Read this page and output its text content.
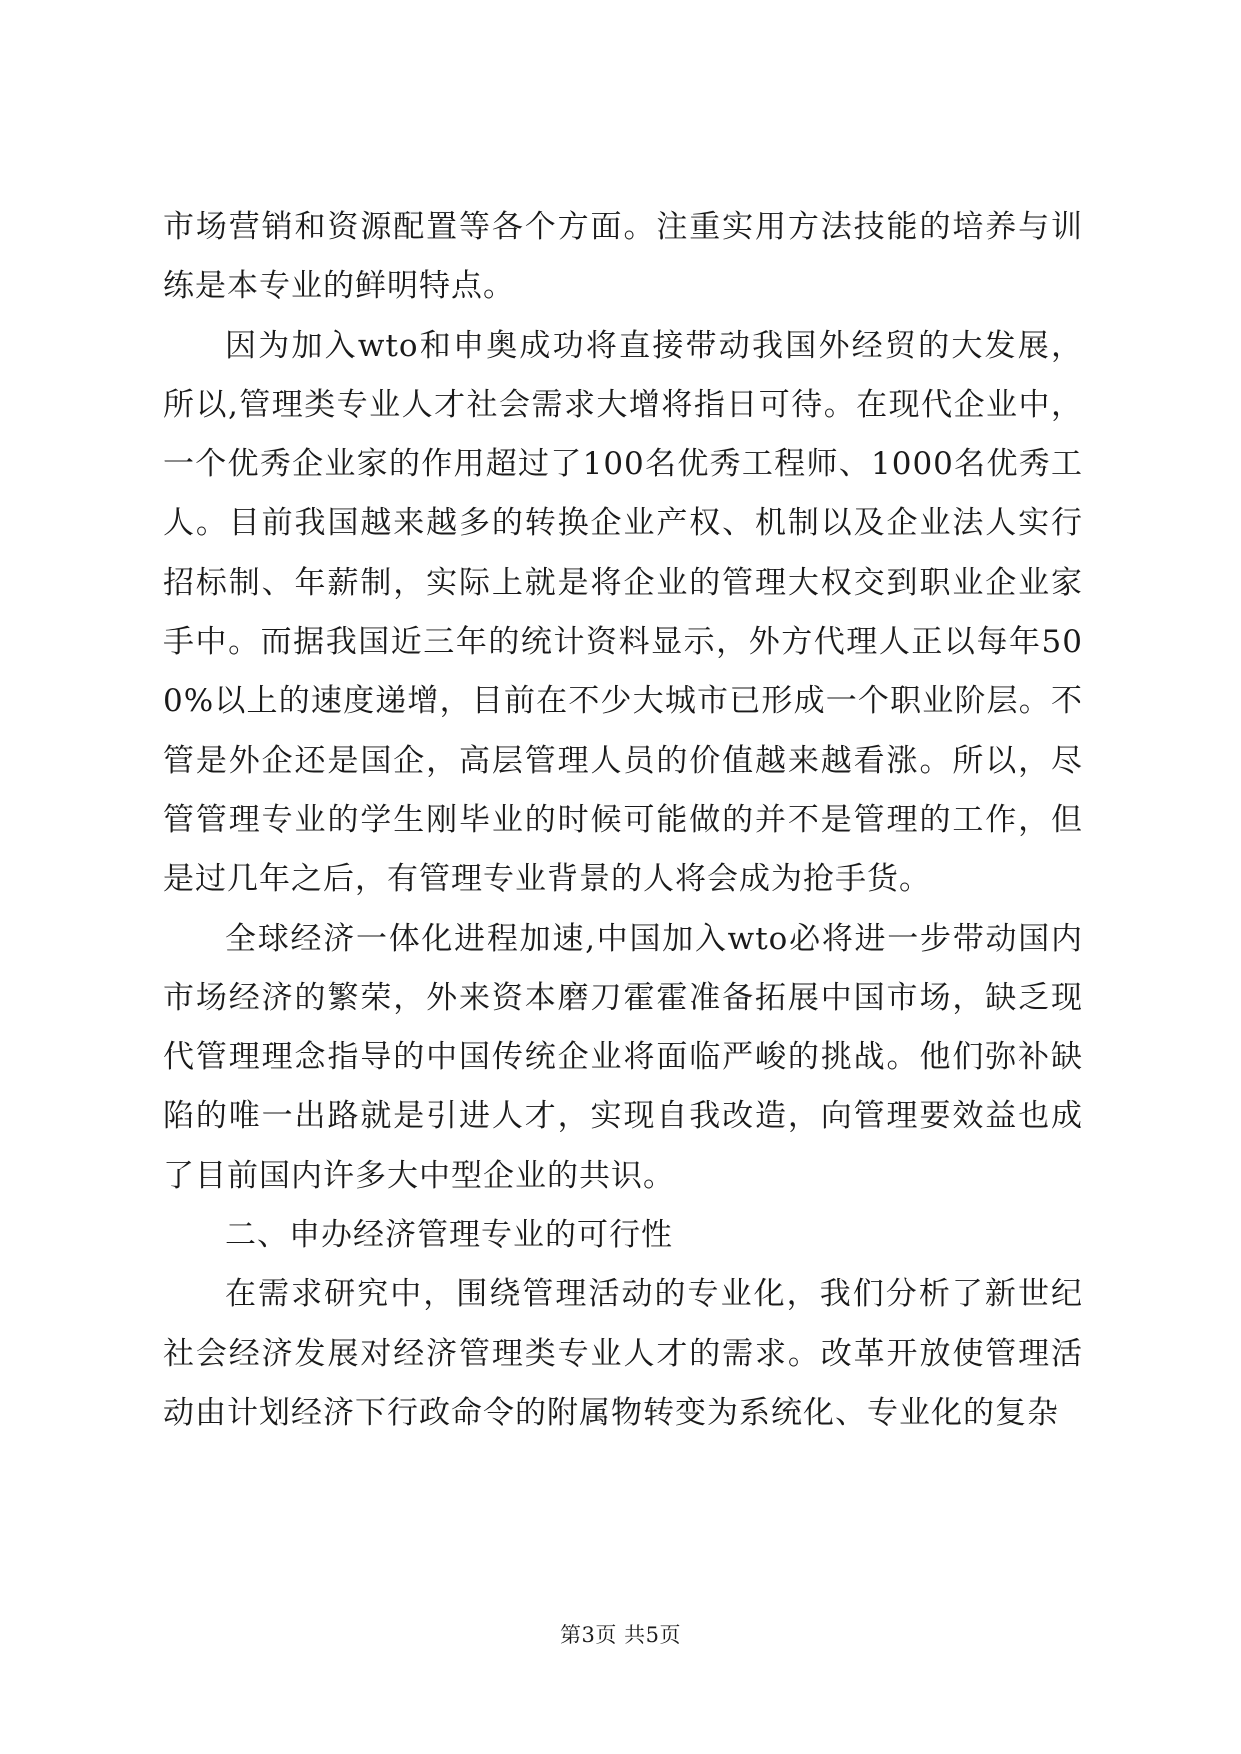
市场营销和资源配置等各个方面。注重实用方法技能的培养与训练是本专业的鲜明特点。

因为加入wto和申奥成功将直接带动我国外经贸的大发展，所以,管理类专业人才社会需求大增将指日可待。在现代企业中，一个优秀企业家的作用超过了100名优秀工程师、1000名优秀工人。目前我国越来越多的转换企业产权、机制以及企业法人实行招标制、年薪制，实际上就是将企业的管理大权交到职业企业家手中。而据我国近三年的统计资料显示，外方代理人正以每年500%以上的速度递增，目前在不少大城市已形成一个职业阶层。不管是外企还是国企，高层管理人员的价值越来越看涨。所以，尽管管理专业的学生刚毕业的时候可能做的并不是管理的工作，但是过几年之后，有管理专业背景的人将会成为抢手货。

全球经济一体化进程加速,中国加入wto必将进一步带动国内市场经济的繁荣，外来资本磨刀霍霍准备拓展中国市场，缺乏现代管理理念指导的中国传统企业将面临严峻的挑战。他们弥补缺陷的唯一出路就是引进人才，实现自我改造，向管理要效益也成了目前国内许多大中型企业的共识。

二、申办经济管理专业的可行性

在需求研究中，围绕管理活动的专业化，我们分析了新世纪社会经济发展对经济管理类专业人才的需求。改革开放使管理活动由计划经济下行政命令的附属物转变为系统化、专业化的复杂

第3页 共5页
